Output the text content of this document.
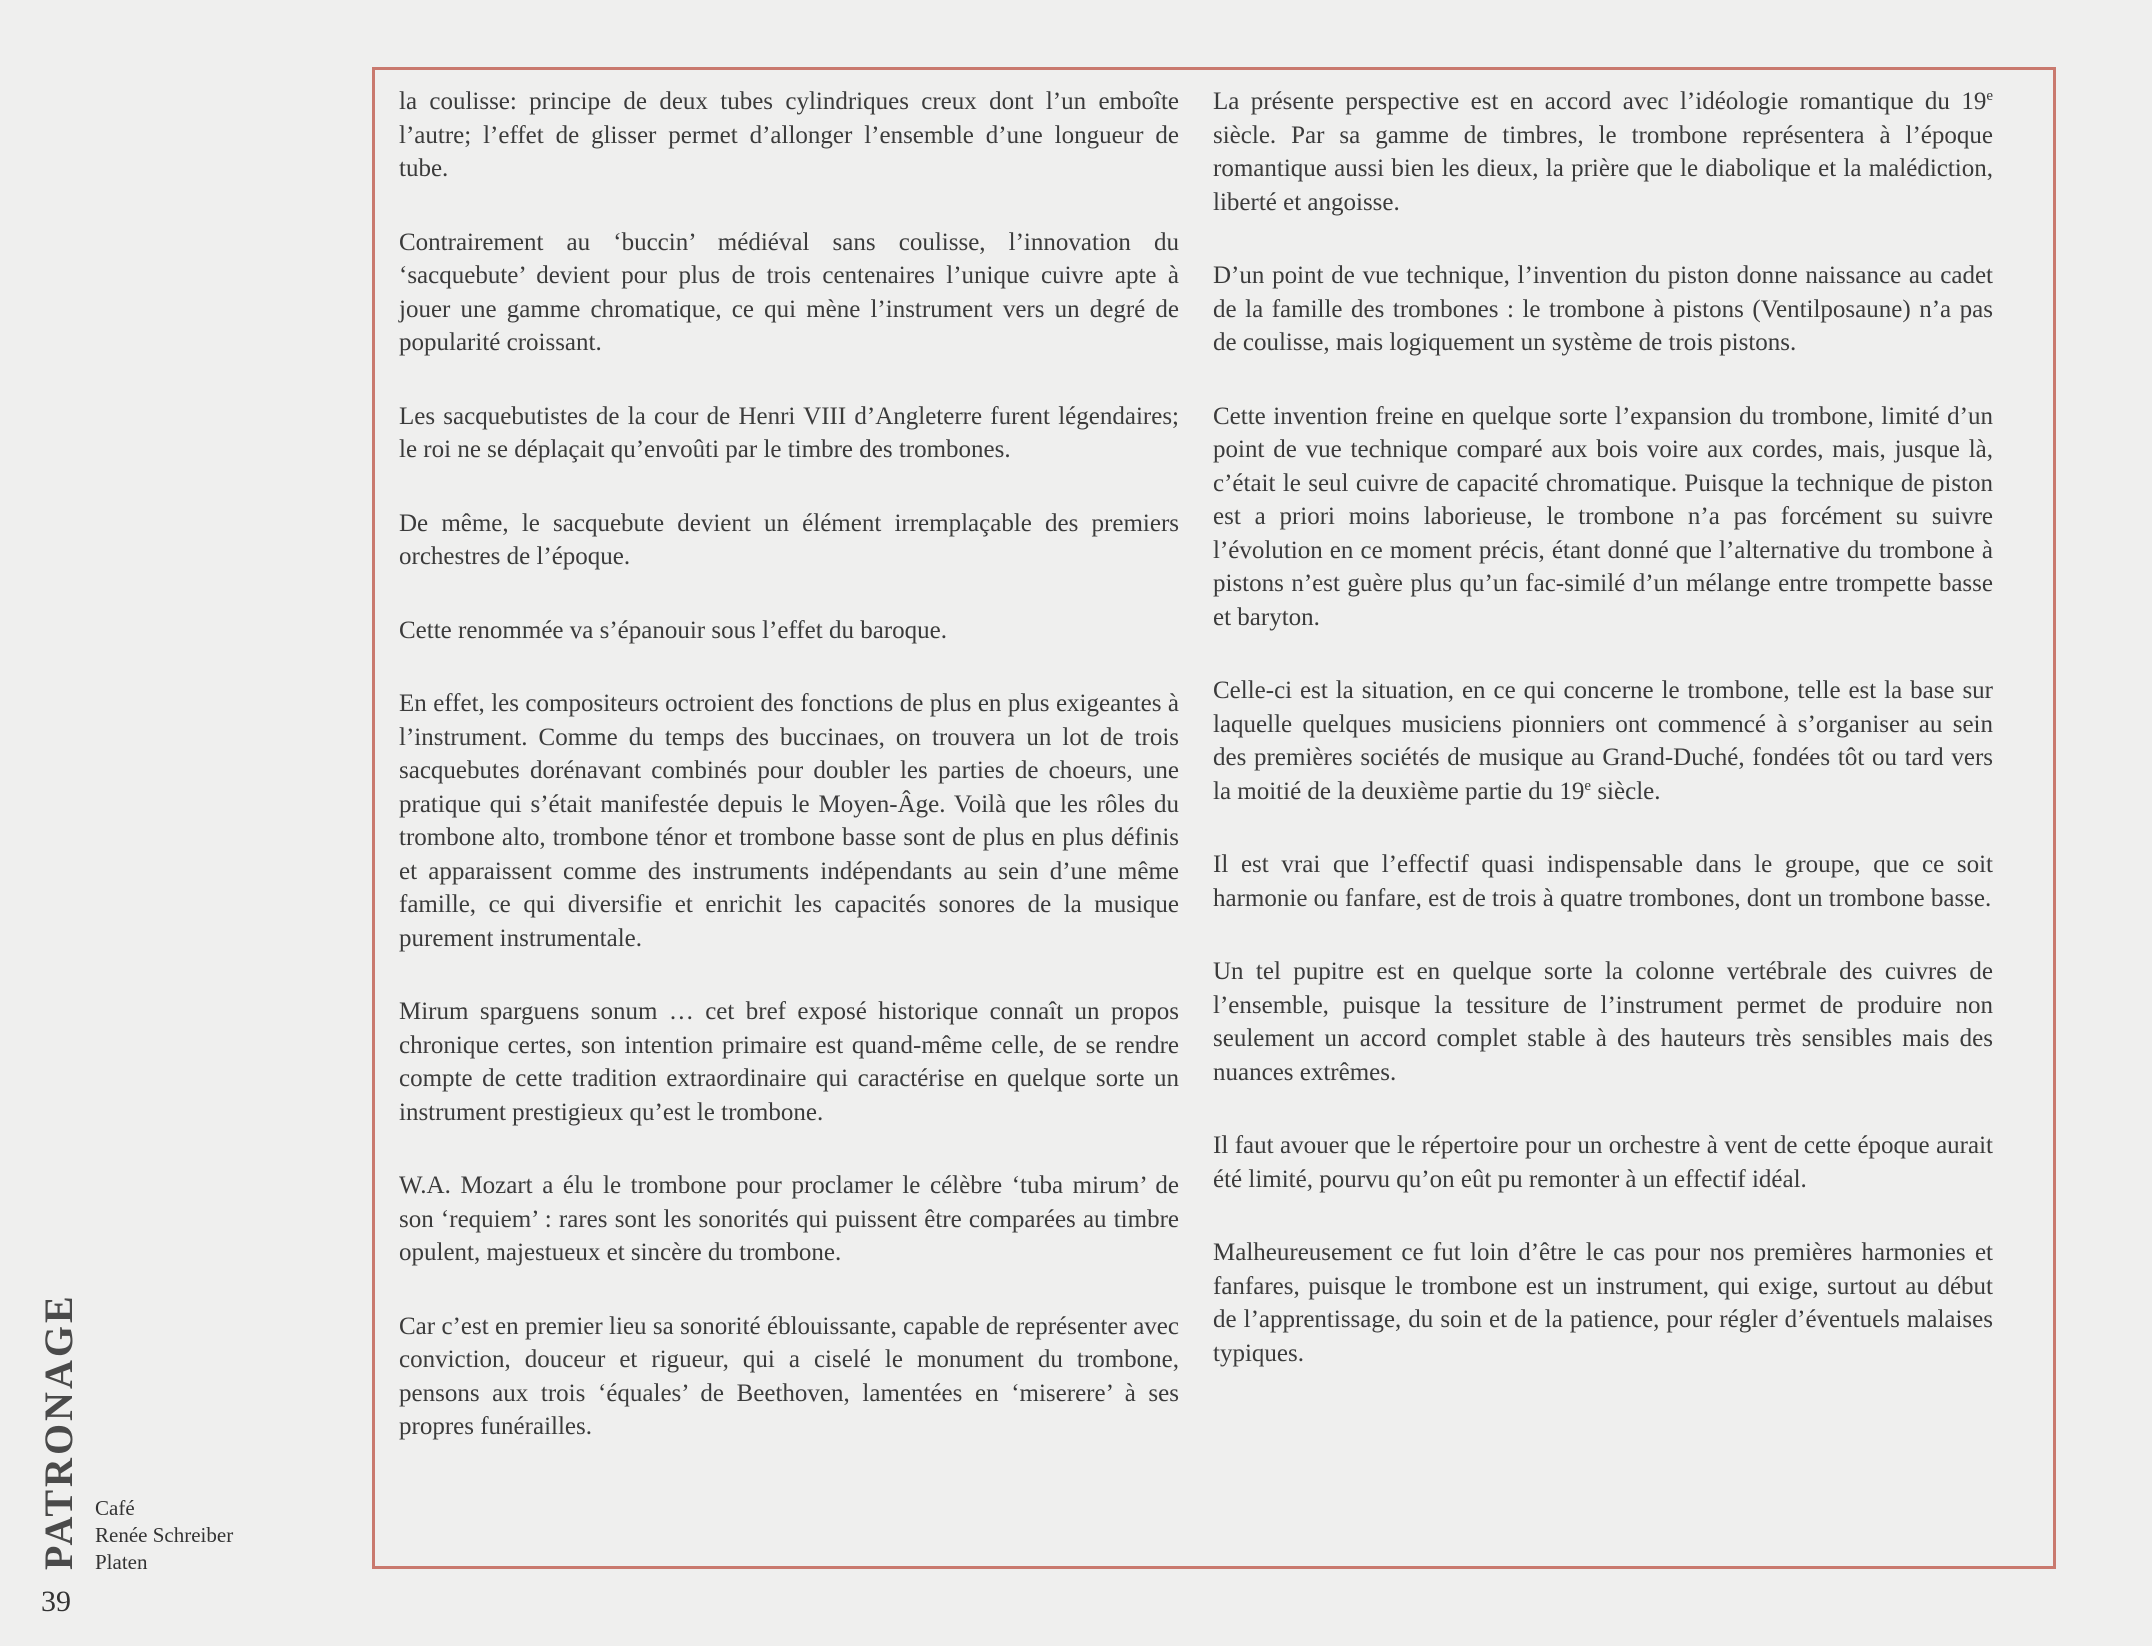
la coulisse: principe de deux tubes cylindriques creux dont l’un emboîte l’autre; l’effet de glisser permet d’allonger l’ensemble d’une longueur de tube.

Contrairement au ‘buccin’ médiéval sans coulisse, l’innovation du ‘sacquebute’ devient pour plus de trois centenaires l’unique cuivre apte à jouer une gamme chromatique, ce qui mène l’instrument vers un degré de popularité croissant.

Les sacquebutistes de la cour de Henri VIII d’Angleterre furent légendaires; le roi ne se déplaçait qu’envoûti par le timbre des trombones.

De même, le sacquebute devient un élément irremplaçable des premiers orchestres de l’époque.

Cette renommée va s’épanouir sous l’effet du baroque.

En effet, les compositeurs octroient des fonctions de plus en plus exigeantes à l’instrument. Comme du temps des buccinaes, on trouvera un lot de trois sacquebutes dorénavant combinés pour doubler les parties de choeurs, une pratique qui s’était manifestée depuis le Moyen-Âge. Voilà que les rôles du trombone alto, trombone ténor et trombone basse sont de plus en plus définis et apparaissent comme des instruments indépendants au sein d’une même famille, ce qui diversifie et enrichit les capacités sonores de la musique purement instrumentale.

Mirum sparguens sonum … cet bref exposé historique connaît un propos chronique certes, son intention primaire est quand-même celle, de se rendre compte de cette tradition extraordinaire qui caractérise en quelque sorte un instrument prestigieux qu’est le trombone.

W.A. Mozart a élu le trombone pour proclamer le célèbre ‘tuba mirum’ de son ‘requiem’ : rares sont les sonorités qui puissent être comparées au timbre opulent, majestueux et sincère du trombone.

Car c’est en premier lieu sa sonorité éblouissante, capable de représenter avec conviction, douceur et rigueur, qui a ciselé le monument du trombone, pensons aux trois ‘équales’ de Beethoven, lamentées en ‘miserere’ à ses propres funérailles.

La présente perspective est en accord avec l’idéologie romantique du 19e siècle. Par sa gamme de timbres, le trombone représentera à l’époque romantique aussi bien les dieux, la prière que le diabolique et la malédiction, liberté et angoisse.

D’un point de vue technique, l’invention du piston donne naissance au cadet de la famille des trombones : le trombone à pistons (Ventilposaune) n’a pas de coulisse, mais logiquement un système de trois pistons.

Cette invention freine en quelque sorte l’expansion du trombone, limité d’un point de vue technique comparé aux bois voire aux cordes, mais, jusque là, c’était le seul cuivre de capacité chromatique. Puisque la technique de piston est a priori moins laborieuse, le trombone n’a pas forcément su suivre l’évolution en ce moment précis, étant donné que l’alternative du trombone à pistons n’est guère plus qu’un fac-similé d’un mélange entre trompette basse et baryton.

Celle-ci est la situation, en ce qui concerne le trombone, telle est la base sur laquelle quelques musiciens pionniers ont commencé à s’organiser au sein des premières sociétés de musique au Grand-Duché, fondées tôt ou tard vers la moitié de la deuxième partie du 19e siècle.

Il est vrai que l’effectif quasi indispensable dans le groupe, que ce soit harmonie ou fanfare, est de trois à quatre trombones, dont un trombone basse.

Un tel pupitre est en quelque sorte la colonne vertébrale des cuivres de l’ensemble, puisque la tessiture de l’instrument permet de produire non seulement un accord complet stable à des hauteurs très sensibles mais des nuances extrêmes.

Il faut avouer que le répertoire pour un orchestre à vent de cette époque aurait été limité, pourvu qu’on eût pu remonter à un effectif idéal.

Malheureusement ce fut loin d’être le cas pour nos premières harmonies et fanfares, puisque le trombone est un instrument, qui exige, surtout au début de l’apprentissage, du soin et de la patience, pour régler d’éventuels malaises typiques.

PATRONAGE Café
Renée Schreiber
Platen
39
